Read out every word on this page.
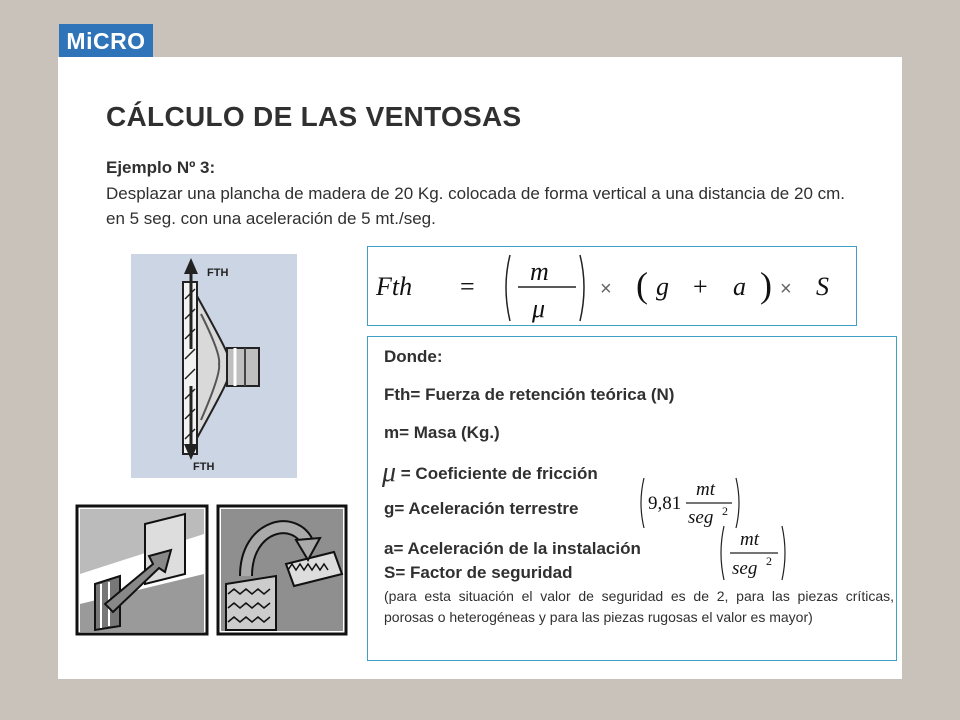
MiCRO
CÁLCULO DE LAS VENTOSAS
Ejemplo Nº 3:
Desplazar una plancha de madera de 20 Kg. colocada de forma vertical a una distancia de 20 cm. en 5 seg. con una aceleración de 5 mt./seg.
FTH
FTH
Fth =
m
μ
× ( g + a ) × S
Donde:
Fth= Fuerza de retención teórica (N)
m= Masa (Kg.)
μ = Coeficiente de fricción
g= Aceleración terrestre	9,81
mt
seg 2
a= Aceleración de la instalación
S= Factor de seguridad
mt
seg 2
(para esta situación el valor de seguridad es de 2, para las piezas críticas, porosas o heterogéneas y para las piezas rugosas el valor es mayor)
